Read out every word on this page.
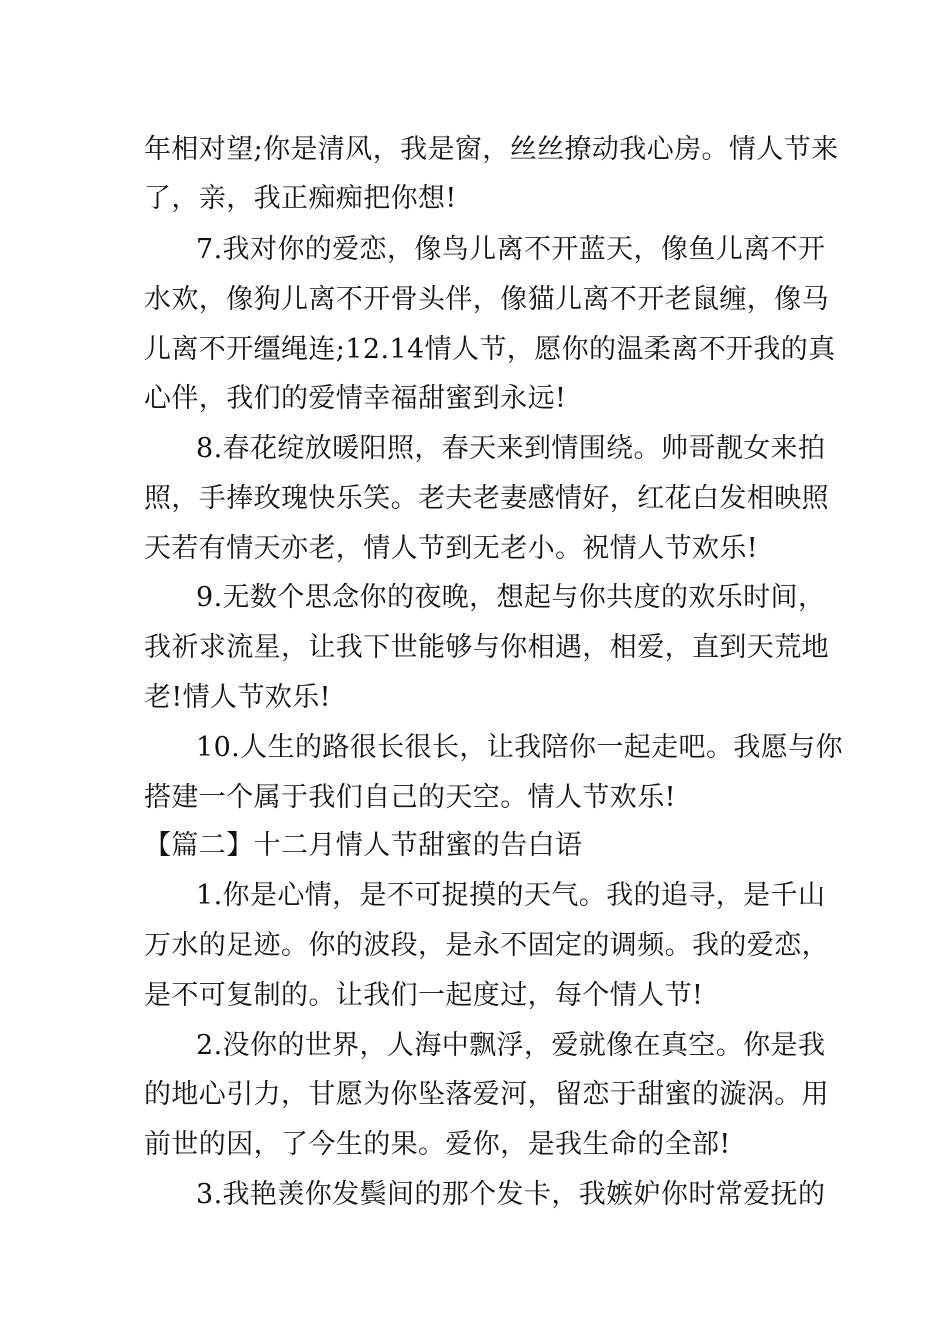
年相对望;你是清风，我是窗，丝丝撩动我心房。情人节来
了，亲，我正痴痴把你想!
7.我对你的爱恋，像鸟儿离不开蓝天，像鱼儿离不开
水欢，像狗儿离不开骨头伴，像猫儿离不开老鼠缠，像马
儿离不开缰绳连;12.14情人节，愿你的温柔离不开我的真
心伴，我们的爱情幸福甜蜜到永远!
8.春花绽放暖阳照，春天来到情围绕。帅哥靓女来拍
照，手捧玫瑰快乐笑。老夫老妻感情好，红花白发相映照
天若有情天亦老，情人节到无老小。祝情人节欢乐!
9.无数个思念你的夜晚，想起与你共度的欢乐时间，
我祈求流星，让我下世能够与你相遇，相爱，直到天荒地
老!情人节欢乐!
10.人生的路很长很长，让我陪你一起走吧。我愿与你
搭建一个属于我们自己的天空。情人节欢乐!
【篇二】十二月情人节甜蜜的告白语
1.你是心情，是不可捉摸的天气。我的追寻，是千山
万水的足迹。你的波段，是永不固定的调频。我的爱恋，
是不可复制的。让我们一起度过，每个情人节!
2.没你的世界，人海中飘浮，爱就像在真空。你是我
的地心引力，甘愿为你坠落爱河，留恋于甜蜜的漩涡。用
前世的因，了今生的果。爱你，是我生命的全部!
3.我艳羡你发鬓间的那个发卡，我嫉妒你时常爱抚的
